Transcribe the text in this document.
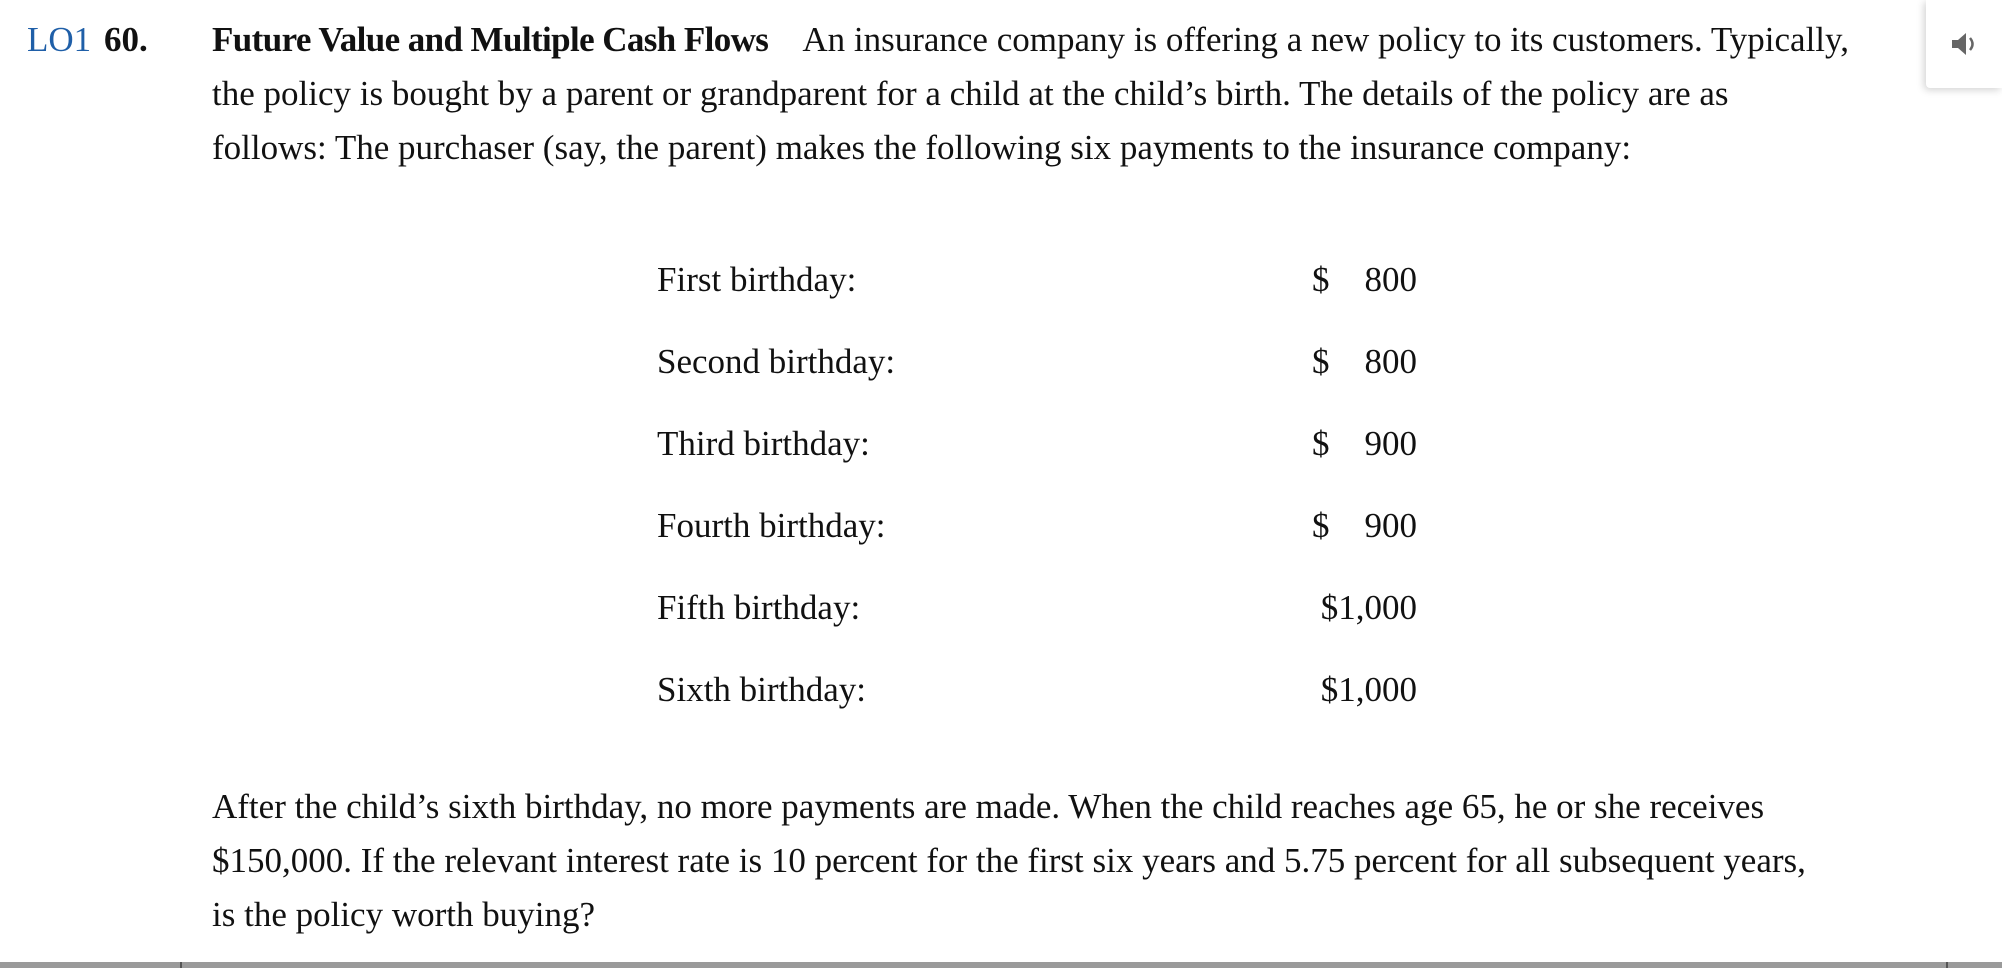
LO1 60. Future Value and Multiple Cash Flows An insurance company is offering a new policy to its customers. Typically,
the policy is bought by a parent or grandparent for a child at the child’s birth. The details of the policy are as
follows: The purchaser (say, the parent) makes the following six payments to the insurance company:
First birthday:	$ 800
Second birthday:	$ 800
Third birthday:	$ 900
Fourth birthday:	$ 900
Fifth birthday:	$1,000
Sixth birthday:	$1,000
After the child’s sixth birthday, no more payments are made. When the child reaches age 65, he or she receives
$150,000. If the relevant interest rate is 10 percent for the first six years and 5.75 percent for all subsequent years,
is the policy worth buying?
